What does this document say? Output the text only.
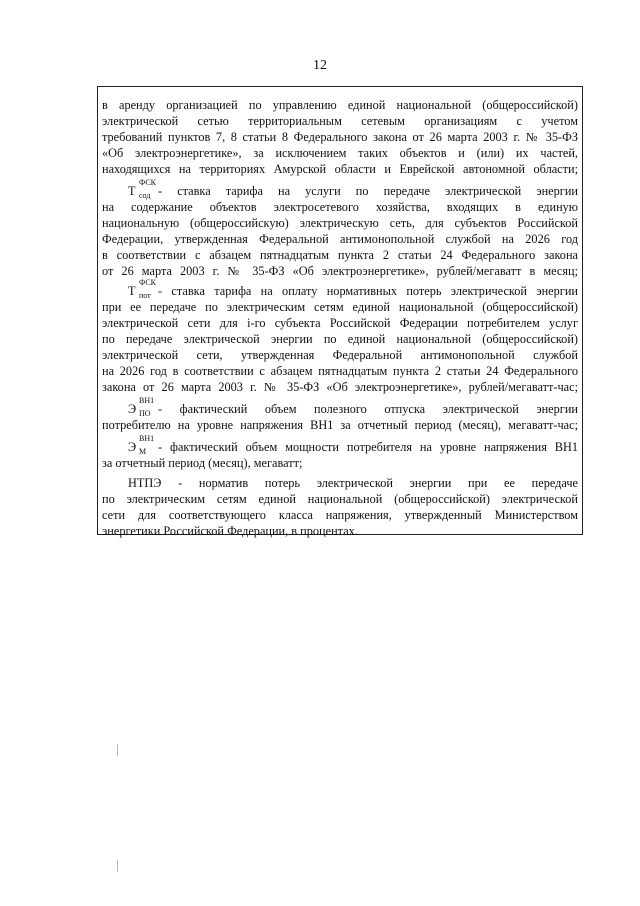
12
в аренду организацией по управлению единой национальной (общероссийской)
электрической сетью территориальным сетевым организациям с учетом
требований пунктов 7, 8 статьи 8 Федерального закона от 26 марта 2003 г. № 35-ФЗ
«Об электроэнергетике», за исключением таких объектов и (или) их частей,
находящихся на территориях Амурской области и Еврейской автономной области;
Т
ФСК
сод - ставка тарифа на услуги по передаче электрической энергии
на содержание объектов электросетевого хозяйства, входящих в единую
национальную (общероссийскую) электрическую сеть, для субъектов Российской
Федерации, утвержденная Федеральной антимонопольной службой на 2026 год
в соответствии с абзацем пятнадцатым пункта 2 статьи 24 Федерального закона
от 26 марта 2003 г. № 35-ФЗ «Об электроэнергетике», рублей/мегаватт в месяц;
Т
ФСК
пот - ставка тарифа на оплату нормативных потерь электрической энергии
при ее передаче по электрическим сетям единой национальной (общероссийской)
электрической сети для i-го субъекта Российской Федерации потребителем услуг
по передаче электрической энергии по единой национальной (общероссийской)
электрической сети, утвержденная Федеральной антимонопольной службой
на 2026 год в соответствии с абзацем пятнадцатым пункта 2 статьи 24 Федерального
закона от 26 марта 2003 г. № 35-ФЗ «Об электроэнергетике», рублей/мегаватт-час;
Э
ВН1
ПО - фактический объем полезного отпуска электрической энергии
потребителю на уровне напряжения ВН1 за отчетный период (месяц), мегаватт-час;
Э
ВН1
М - фактический объем мощности потребителя на уровне напряжения ВН1
за отчетный период (месяц), мегаватт;
НТПЭ - норматив потерь электрической энергии при ее передаче
по электрическим сетям единой национальной (общероссийской) электрической
сети для соответствующего класса напряжения, утвержденный Министерством
энергетики Российской Федерации, в процентах.
